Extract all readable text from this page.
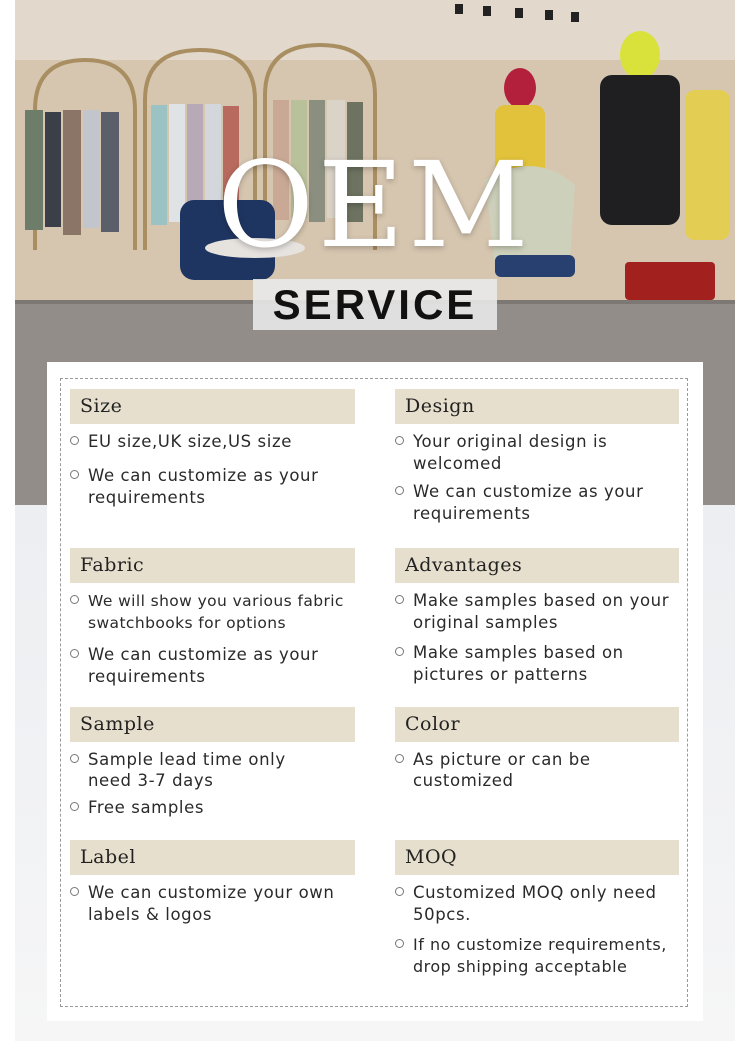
OEM
SERVICE
Size
EU size,UK size,US size
We can customize as your requirements
Design
Your original design is welcomed
We can customize as your requirements
Fabric
We will show you various fabric swatchbooks for options
We can customize as your requirements
Advantages
Make samples based on your original samples
Make samples based on pictures or patterns
Sample
Sample lead time only need 3-7 days
Free samples
Color
As picture or can be customized
Label
We can customize your own labels & logos
MOQ
Customized MOQ only need 50pcs.
If no customize requirements, drop shipping acceptable
